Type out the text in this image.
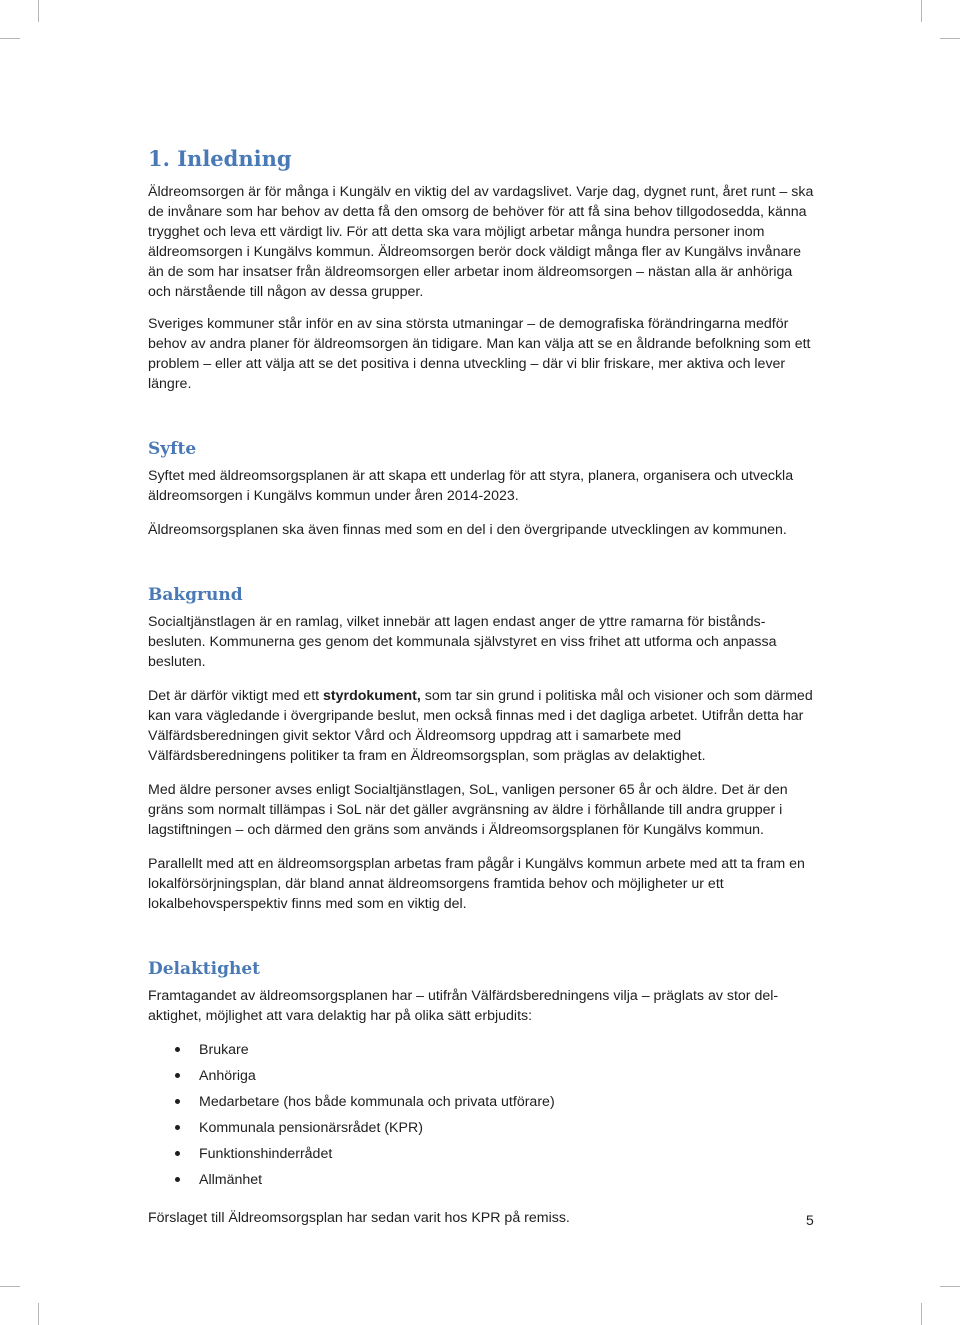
1. Inledning

Äldreomsorgen är för många i Kungälv en viktig del av vardagslivet. Varje dag, dygnet runt, året runt – ska de invånare som har behov av detta få den omsorg de behöver för att få sina behov tillgodosedda, känna trygghet och leva ett värdigt liv. För att detta ska vara möjligt arbetar många hundra personer inom äldreomsorgen i Kungälvs kommun. Äldreomsorgen berör dock väldigt många fler av Kungälvs invånare än de som har insatser från äldreomsorgen eller arbetar inom äldreomsorgen – nästan alla är anhöriga och närstående till någon av dessa grupper.

Sveriges kommuner står inför en av sina största utmaningar – de demografiska förändringarna medför behov av andra planer för äldreomsorgen än tidigare. Man kan välja att se en åldrande befolkning som ett problem – eller att välja att se det positiva i denna utveckling – där vi blir friskare, mer aktiva och lever längre.

Syfte

Syftet med äldreomsorgsplanen är att skapa ett underlag för att styra, planera, organisera och utveckla äldreomsorgen i Kungälvs kommun under åren 2014-2023.

Äldreomsorgsplanen ska även finnas med som en del i den övergripande utvecklingen av kommunen.

Bakgrund

Socialtjänstlagen är en ramlag, vilket innebär att lagen endast anger de yttre ramarna för biståndsbesluten. Kommunerna ges genom det kommunala självstyret en viss frihet att utforma och anpassa besluten.

Det är därför viktigt med ett styrdokument, som tar sin grund i politiska mål och visioner och som därmed kan vara vägledande i övergripande beslut, men också finnas med i det dagliga arbetet. Utifrån detta har Välfärdsberedningen givit sektor Vård och Äldreomsorg uppdrag att i samarbete med Välfärdsberedningens politiker ta fram en Äldreomsorgsplan, som präglas av delaktighet.

Med äldre personer avses enligt Socialtjänstlagen, SoL, vanligen personer 65 år och äldre. Det är den gräns som normalt tillämpas i SoL när det gäller avgränsning av äldre i förhållande till andra grupper i lagstiftningen – och därmed den gräns som används i Äldreomsorgsplanen för Kungälvs kommun.

Parallellt med att en äldreomsorgsplan arbetas fram pågår i Kungälvs kommun arbete med att ta fram en lokalförsörjningsplan, där bland annat äldreomsorgens framtida behov och möjligheter ur ett lokalbehovsperspektiv finns med som en viktig del.

Delaktighet

Framtagandet av äldreomsorgsplanen har – utifrån Välfärdsberedningens vilja – präglats av stor delaktighet, möjlighet att vara delaktig har på olika sätt erbjudits:

Brukare
Anhöriga
Medarbetare (hos både kommunala och privata utförare)
Kommunala pensionärsrådet (KPR)
Funktionshinderrådet
Allmänhet

Förslaget till Äldreomsorgsplan har sedan varit hos KPR på remiss.	5
